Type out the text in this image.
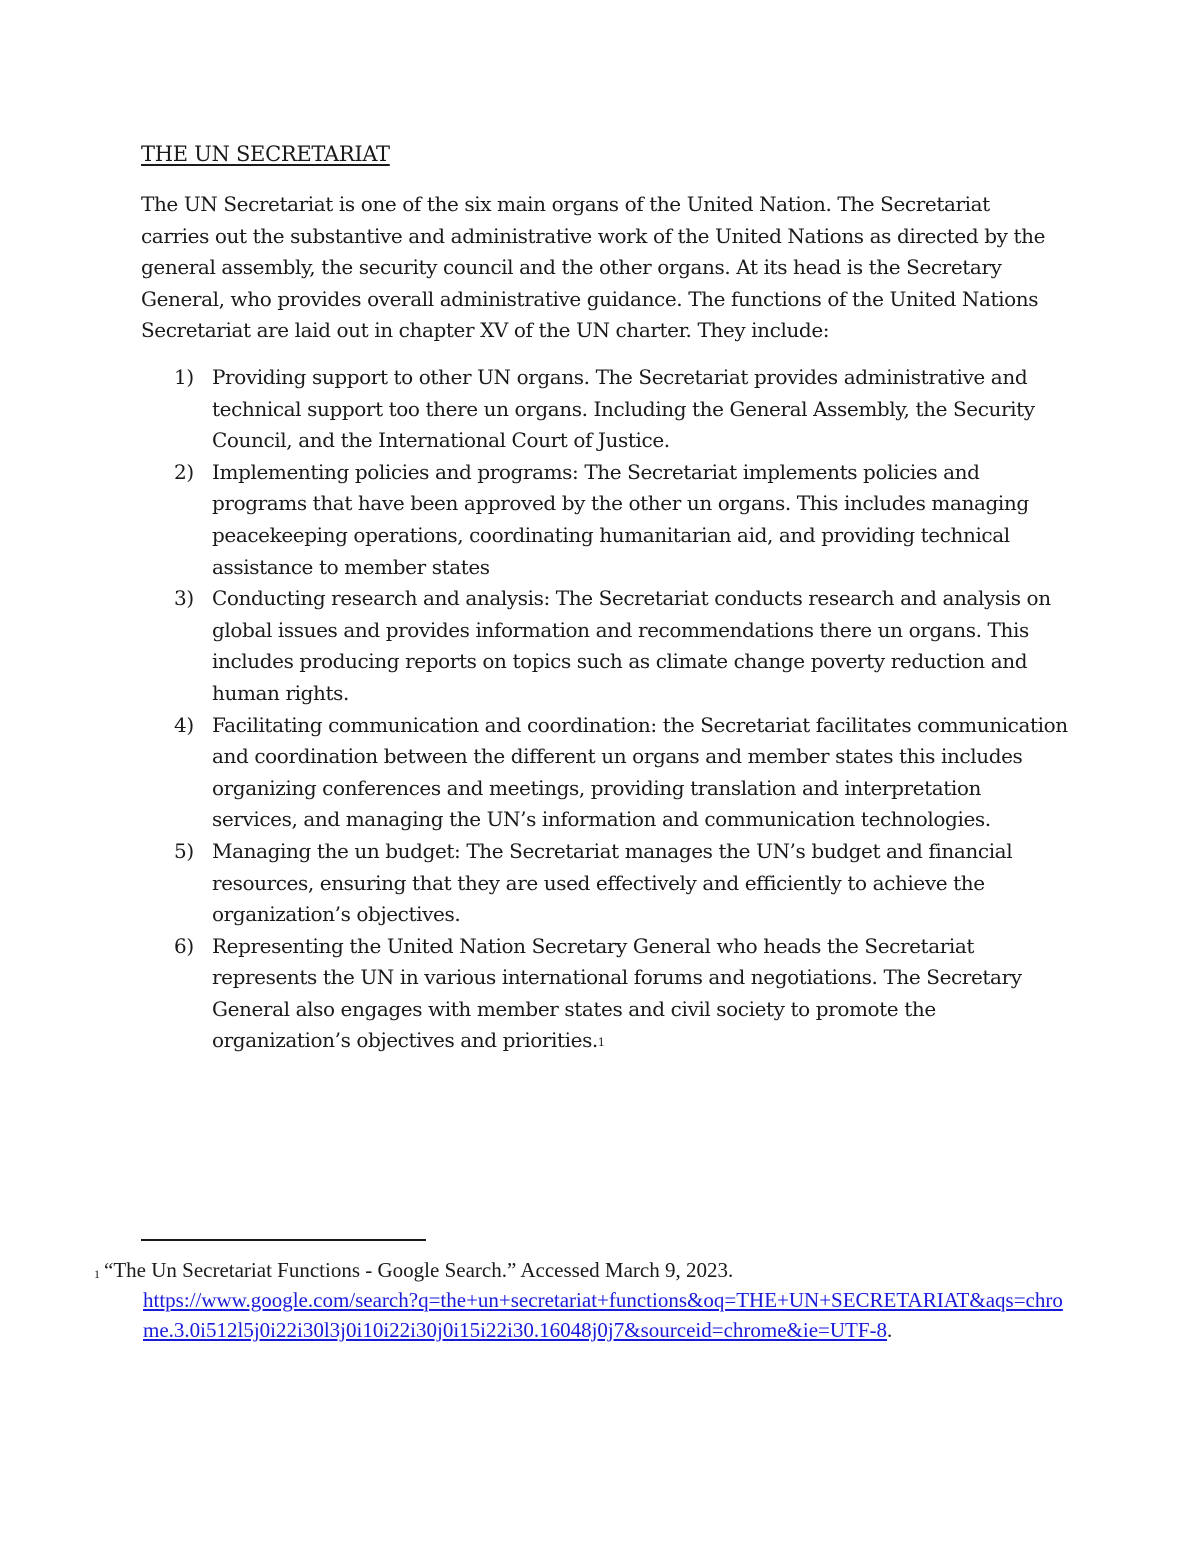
THE UN SECRETARIAT

The UN Secretariat is one of the six main organs of the United Nation. The Secretariat carries out the substantive and administrative work of the United Nations as directed by the general assembly, the security council and the other organs. At its head is the Secretary General, who provides overall administrative guidance. The functions of the United Nations Secretariat are laid out in chapter XV of the UN charter. They include:

1) Providing support to other UN organs. The Secretariat provides administrative and technical support too there un organs. Including the General Assembly, the Security Council, and the International Court of Justice.
2) Implementing policies and programs: The Secretariat implements policies and programs that have been approved by the other un organs. This includes managing peacekeeping operations, coordinating humanitarian aid, and providing technical assistance to member states
3) Conducting research and analysis: The Secretariat conducts research and analysis on global issues and provides information and recommendations there un organs. This includes producing reports on topics such as climate change poverty reduction and human rights.
4) Facilitating communication and coordination: the Secretariat facilitates communication and coordination between the different un organs and member states this includes organizing conferences and meetings, providing translation and interpretation services, and managing the UN’s information and communication technologies.
5) Managing the un budget: The Secretariat manages the UN’s budget and financial resources, ensuring that they are used effectively and efficiently to achieve the organization’s objectives.
6) Representing the United Nation Secretary General who heads the Secretariat represents the UN in various international forums and negotiations. The Secretary General also engages with member states and civil society to promote the organization’s objectives and priorities.$^1$

$^1$ “The Un Secretariat Functions - Google Search.” Accessed March 9, 2023.
https://www.google.com/search?q=the+un+secretariat+functions&oq=THE+UN+SECRETARIAT&aqs=chrome.3.0i512l5j0i22i30l3j0i10i22i30j0i15i22i30.16048j0j7&sourceid=chrome&ie=UTF-8.
